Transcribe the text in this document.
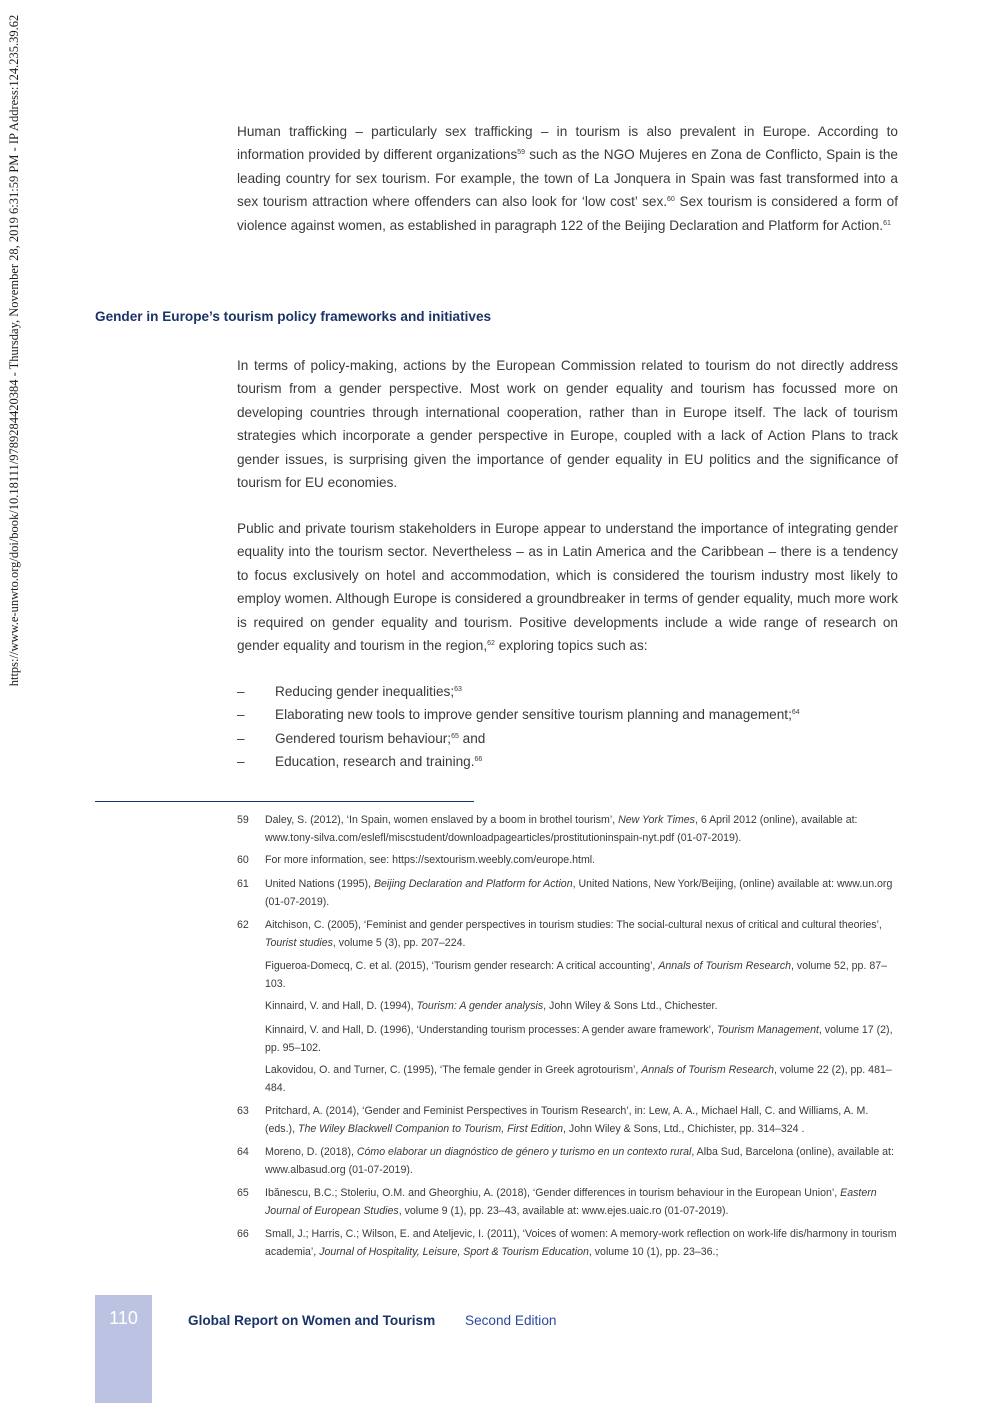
https://www.e-unwto.org/doi/book/10.18111/9789284420384 - Thursday, November 28, 2019 6:31:59 PM - IP Address:124.235.39.62	Human trafficking – particularly sex trafficking – in tourism is also prevalent in Europe. According to information provided by different organizations$^{59}$ such as the NGO Mujeres en Zona de Conflicto, Spain is the leading country for sex tourism. For example, the town of La Jonquera in Spain was fast transformed into a sex tourism attraction where offenders can also look for ‘low cost’ sex.$^{60}$ Sex tourism is considered a form of violence against women, as established in paragraph 122 of the Beijing Declaration and Platform for Action.$^{61}$

Gender in Europe’s tourism policy frameworks and initiatives

In terms of policy-making, actions by the European Commission related to tourism do not directly address tourism from a gender perspective. Most work on gender equality and tourism has focussed more on developing countries through international cooperation, rather than in Europe itself. The lack of tourism strategies which incorporate a gender perspective in Europe, coupled with a lack of Action Plans to track gender issues, is surprising given the importance of gender equality in EU politics and the significance of tourism for EU economies.

Public and private tourism stakeholders in Europe appear to understand the importance of integrating gender equality into the tourism sector. Nevertheless – as in Latin America and the Caribbean – there is a tendency to focus exclusively on hotel and accommodation, which is considered the tourism industry most likely to employ women. Although Europe is considered a groundbreaker in terms of gender equality, much more work is required on gender equality and tourism. Positive developments include a wide range of research on gender equality and tourism in the region,$^{62}$ exploring topics such as:

– Reducing gender inequalities;$^{63}$
– Elaborating new tools to improve gender sensitive tourism planning and management;$^{64}$
– Gendered tourism behaviour;$^{65}$ and
– Education, research and training.$^{66}$
59 Daley, S. (2012), ‘In Spain, women enslaved by a boom in brothel tourism’, New York Times, 6 April 2012 (online), available at: www.tony-silva.com/eslefl/miscstudent/downloadpagearticles/prostitutioninspain-nyt.pdf (01-07-2019).
60 For more information, see: https://sextourism.weebly.com/europe.html.
61 United Nations (1995), Beijing Declaration and Platform for Action, United Nations, New York/Beijing, (online) available at: www.un.org (01-07-2019).
62 Aitchison, C. (2005), ‘Feminist and gender perspectives in tourism studies: The social-cultural nexus of critical and cultural theories’, Tourist studies, volume 5 (3), pp. 207–224.
Figueroa-Domecq, C. et al. (2015), ‘Tourism gender research: A critical accounting’, Annals of Tourism Research, volume 52, pp. 87–103.
Kinnaird, V. and Hall, D. (1994), Tourism: A gender analysis, John Wiley & Sons Ltd., Chichester.
Kinnaird, V. and Hall, D. (1996), ‘Understanding tourism processes: A gender aware framework’, Tourism Management, volume 17 (2), pp. 95–102.
Lakovidou, O. and Turner, C. (1995), ‘The female gender in Greek agrotourism’, Annals of Tourism Research, volume 22 (2), pp. 481–484.
63 Pritchard, A. (2014), ‘Gender and Feminist Perspectives in Tourism Research’, in: Lew, A. A., Michael Hall, C. and Williams, A. M. (eds.), The Wiley Blackwell Companion to Tourism, First Edition, John Wiley & Sons, Ltd., Chichister, pp. 314–324 .
64 Moreno, D. (2018), Cómo elaborar un diagnóstico de género y turismo en un contexto rural, Alba Sud, Barcelona (online), available at: www.albasud.org (01-07-2019).
65 Ibănescu, B.C.; Stoleriu, O.M. and Gheorghiu, A. (2018), ‘Gender differences in tourism behaviour in the European Union’, Eastern Journal of European Studies, volume 9 (1), pp. 23–43, available at: www.ejes.uaic.ro (01-07-2019).
66 Small, J.; Harris, C.; Wilson, E. and Ateljevic, I. (2011), ‘Voices of women: A memory-work reflection on work-life dis/harmony in tourism academia’, Journal of Hospitality, Leisure, Sport & Tourism Education, volume 10 (1), pp. 23–36.;
110	Global Report on Women and Tourism Second Edition
